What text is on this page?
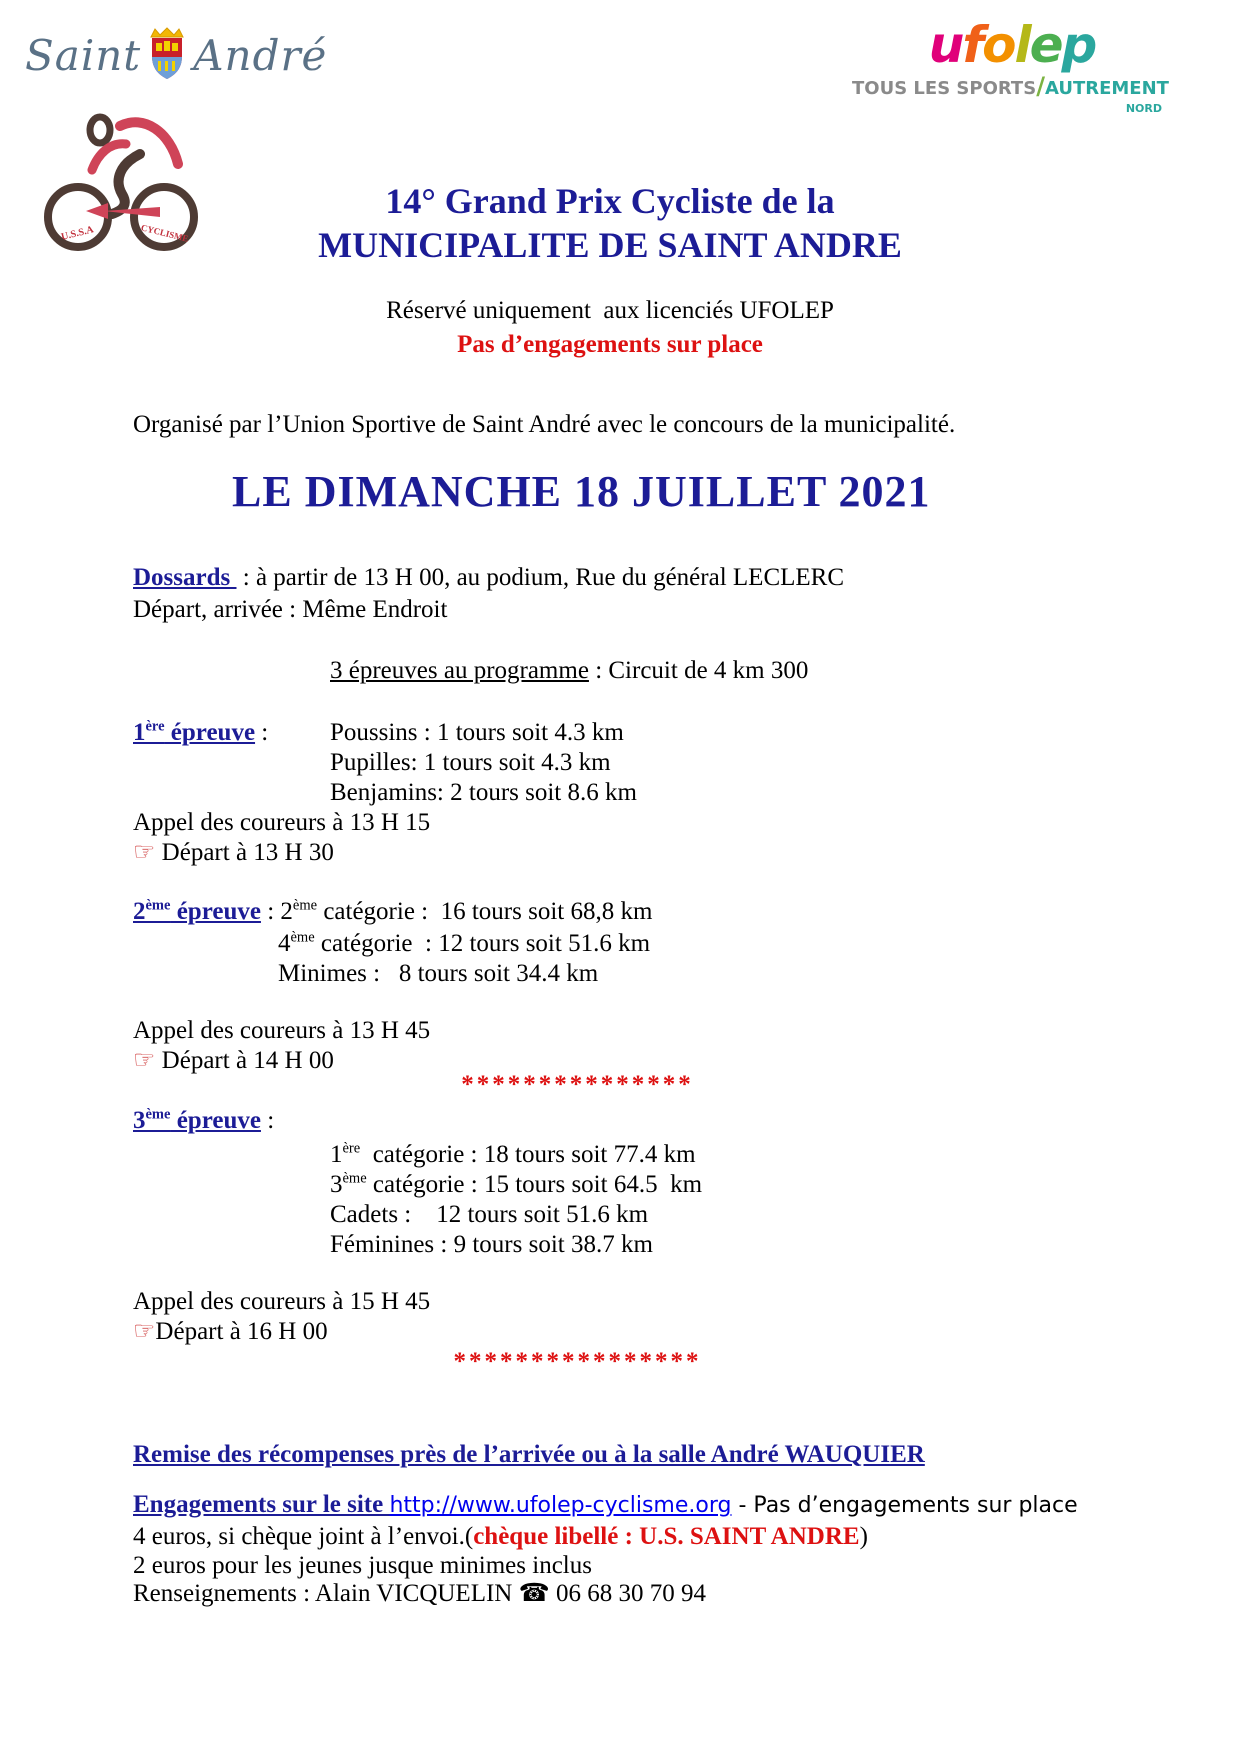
Saint André
U.S.S.A	CYCLISME
ufolep
TOUS LES SPORTS/AUTREMENT
NORD
14° Grand Prix Cycliste de la
MUNICIPALITE DE SAINT ANDRE
Réservé uniquement  aux licenciés UFOLEP
Pas d’engagements sur place
Organisé par l’Union Sportive de Saint André avec le concours de la municipalité.
LE DIMANCHE 18 JUILLET 2021
Dossards  : à partir de 13 H 00, au podium, Rue du général LECLERC
Départ, arrivée : Même Endroit
3 épreuves au programme : Circuit de 4 km 300
1ère épreuve : Poussins : 1 tours soit 4.3 km
Pupilles: 1 tours soit 4.3 km
Benjamins: 2 tours soit 8.6 km
Appel des coureurs à 13 H 15
☞ Départ à 13 H 30
2ème épreuve : 2ème catégorie :  16 tours soit 68,8 km
4ème catégorie  : 12 tours soit 51.6 km
Minimes :   8 tours soit 34.4 km
Appel des coureurs à 13 H 45
☞ Départ à 14 H 00
***************
3ème épreuve :
1ère  catégorie : 18 tours soit 77.4 km
3ème catégorie : 15 tours soit 64.5  km
Cadets :    12 tours soit 51.6 km
Féminines : 9 tours soit 38.7 km
Appel des coureurs à 15 H 45
☞Départ à 16 H 00
****************
Remise des récompenses près de l’arrivée ou à la salle André WAUQUIER
Engagements sur le site http://www.ufolep-cyclisme.org - Pas d’engagements sur place
4 euros, si chèque joint à l’envoi.(chèque libellé : U.S. SAINT ANDRE)
2 euros pour les jeunes jusque minimes inclus
Renseignements : Alain VICQUELIN ☎ 06 68 30 70 94
